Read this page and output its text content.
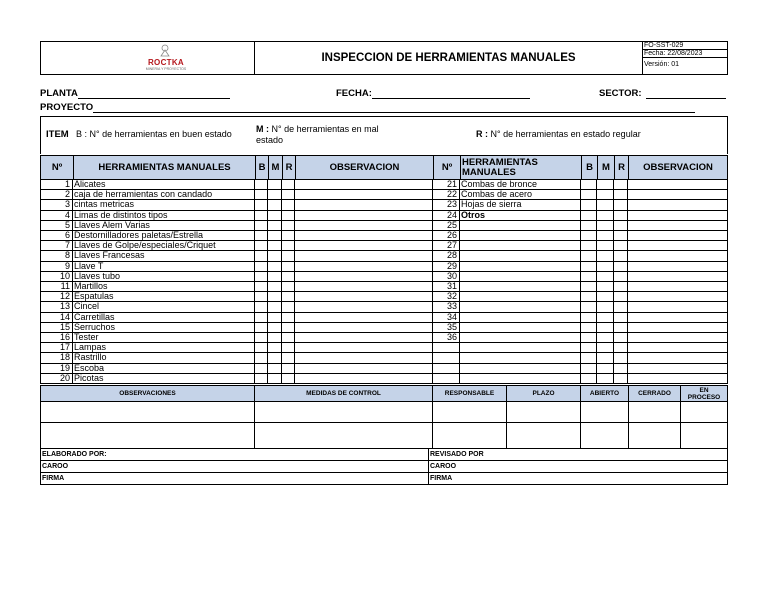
ROCTKA
MINERIA Y PROYECTOS
INSPECCION DE HERRAMIENTAS MANUALES
FO-SST-029
Fecha: 22/08/2023
Versión: 01
PLANTA	FECHA:	SECTOR:
PROYECTO
ITEM B : N° de herramientas en buen estado	M : N° de herramientas en mal
estado
R : N° de herramientas en estado regular
Nº	HERRAMIENTAS MANUALES	B M R	OBSERVACION	Nº	HERRAMIENTAS
MANUALES	B M R	OBSERVACION
1 Alicates	21 Combas de bronce
2 caja de herramientas con candado	22 Combas de acero
3 cintas metricas	23 Hojas de sierra
4 Limas de distintos tipos	24 Otros
5 Llaves Alem Varias	25
6 Destornilladores paletas/Estrella	26
7 Llaves de Golpe/especiales/Criquet	27
8 Llaves Francesas	28
9 Llave T	29
10 Llaves tubo	30
11 Martillos	31
12 Espatulas	32
13 Cincel	33
14 Carretillas	34
15 Serruchos	35
16 Tester	36
17 Lampas
18 Rastrillo
19 Escoba
20 Picotas
OBSERVACIONES	MEDIDAS DE CONTROL	RESPONSABLE	PLAZO	ABIERTO	CERRADO	EN
PROCESO
ELABORADO POR:	REVISADO POR
CAROO	CAROO
FIRMA	FIRMA
